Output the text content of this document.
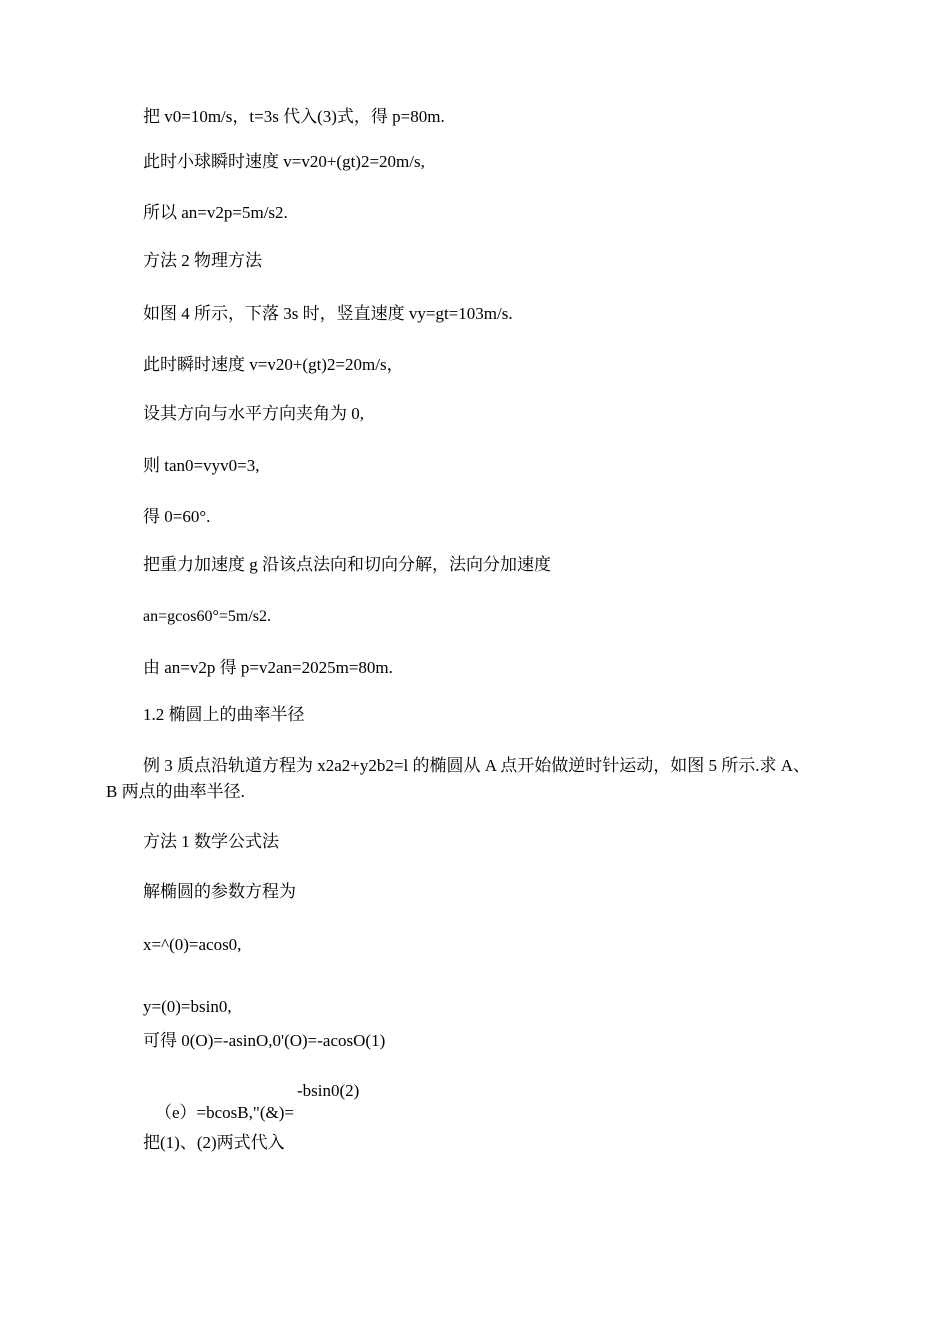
把 v0=10m/s，t=3s 代入(3)式，得 p=80m.
此时小球瞬时速度 v=v20+(gt)2=20m/s,
所以 an=v2p=5m/s2.
方法 2 物理方法
如图 4 所示，下落 3s 时，竖直速度 vy=gt=103m/s.
此时瞬时速度 v=v20+(gt)2=20m/s，
设其方向与水平方向夹角为 0,
则 tan0=vyv0=3,
得 0=60°.
把重力加速度 g 沿该点法向和切向分解，法向分加速度
an=gcos60°=5m/s2.
由 an=v2p 得 p=v2an=2025m=80m.
1.2 椭圆上的曲率半径
例 3 质点沿轨道方程为 x2a2+y2b2=l 的椭圆从 A 点开始做逆时针运动，如图 5 所示.求 A、
B 两点的曲率半径.
方法 1 数学公式法
解椭圆的参数方程为
x=^(0)=acos0,
y=(0)=bsin0,
可得 0(O)=-asinO,0'(O)=-acosO(1)
-bsin0(2)
（e）=bcosB,"(&)=
把(1)、(2)两式代入
